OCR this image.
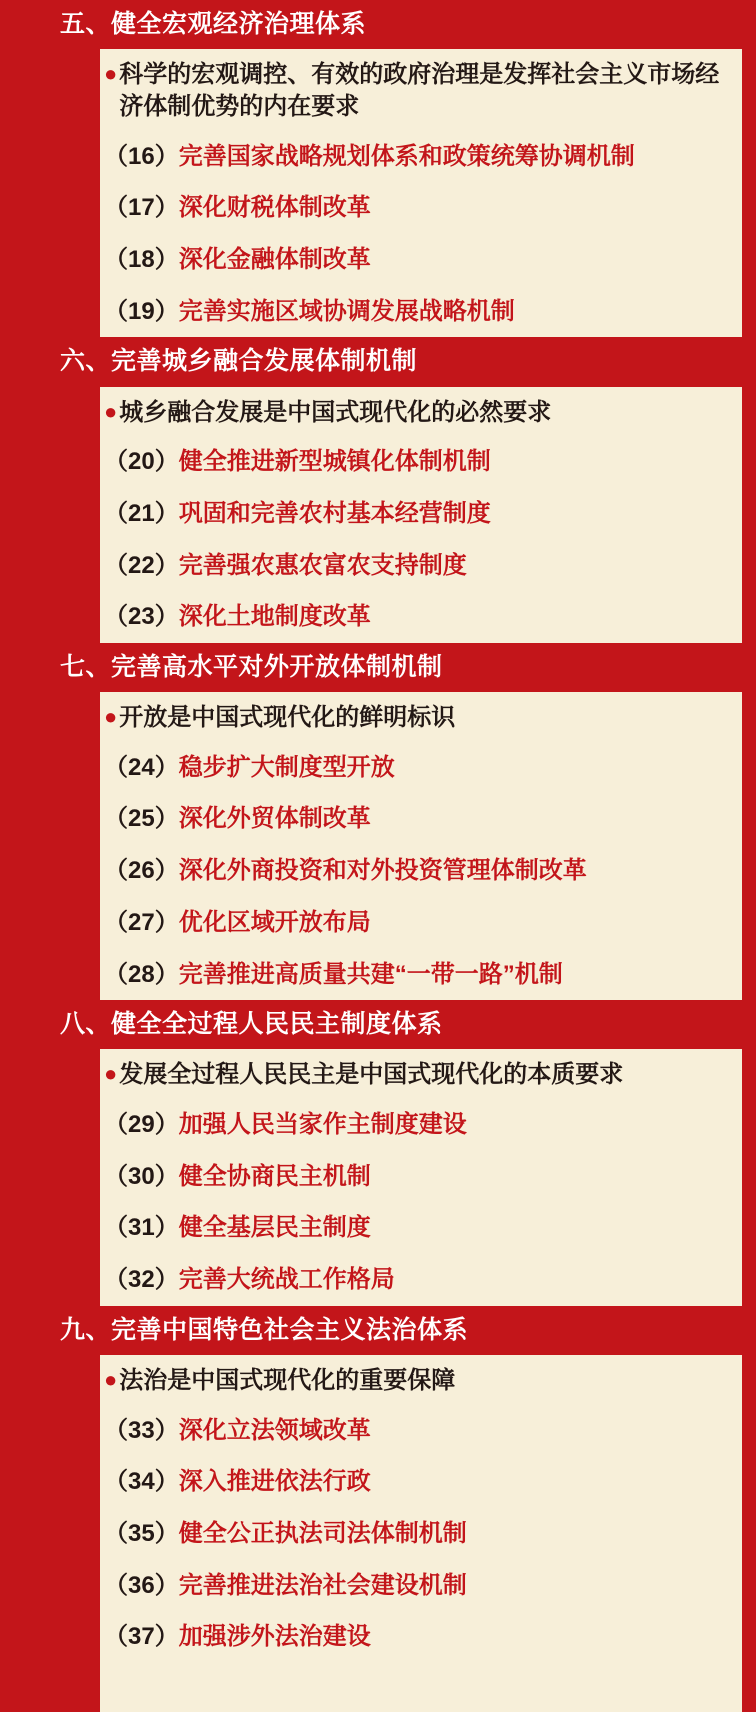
五、健全宏观经济治理体系
● 科学的宏观调控、有效的政府治理是发挥社会主义市场经济体制优势的内在要求
（16） 完善国家战略规划体系和政策统筹协调机制
（17） 深化财税体制改革
（18） 深化金融体制改革
（19） 完善实施区域协调发展战略机制
六、完善城乡融合发展体制机制
● 城乡融合发展是中国式现代化的必然要求
（20） 健全推进新型城镇化体制机制
（21） 巩固和完善农村基本经营制度
（22） 完善强农惠农富农支持制度
（23） 深化土地制度改革
七、完善高水平对外开放体制机制
● 开放是中国式现代化的鲜明标识
（24） 稳步扩大制度型开放
（25） 深化外贸体制改革
（26） 深化外商投资和对外投资管理体制改革
（27） 优化区域开放布局
（28） 完善推进高质量共建“一带一路”机制
八、健全全过程人民民主制度体系
● 发展全过程人民民主是中国式现代化的本质要求
（29） 加强人民当家作主制度建设
（30） 健全协商民主机制
（31） 健全基层民主制度
（32） 完善大统战工作格局
九、完善中国特色社会主义法治体系
● 法治是中国式现代化的重要保障
（33） 深化立法领域改革
（34） 深入推进依法行政
（35） 健全公正执法司法体制机制
（36） 完善推进法治社会建设机制
（37） 加强涉外法治建设
